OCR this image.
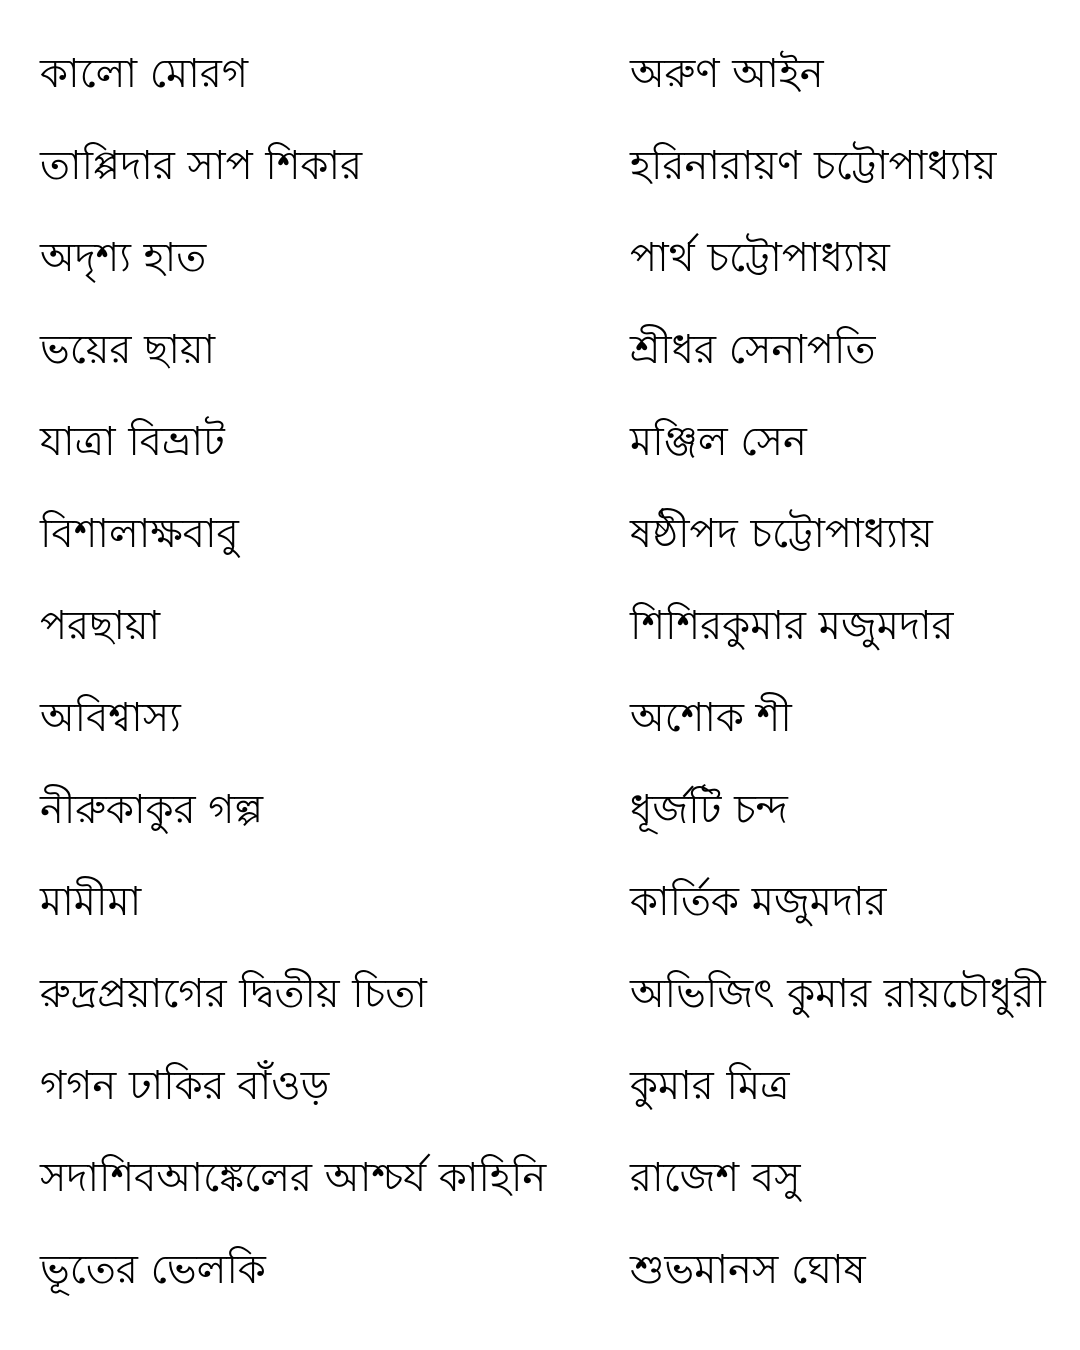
কালো মোরগ	অরুণ আইন
তাপ্পিদার সাপ শিকার	হরিনারায়ণ চট্টোপাধ্যায়
অদৃশ্য হাত	পার্থ চট্টোপাধ্যায়
ভয়ের ছায়া	শ্রীধর সেনাপতি
যাত্রা বিভ্রাট	মঞ্জিল সেন
বিশালাক্ষবাবু	ষষ্ঠীপদ চট্টোপাধ্যায়
পরছায়া	শিশিরকুমার মজুমদার
অবিশ্বাস্য	অশোক শী
নীরুকাকুর গল্প	ধূর্জটি চন্দ
মামীমা	কার্তিক মজুমদার
রুদ্রপ্রয়াগের দ্বিতীয় চিতা	অভিজিৎ কুমার রায়চৌধুরী
গগন ঢাকির বাঁওড়	কুমার মিত্র
সদাশিবআঙ্কেলের আশ্চর্য কাহিনি	রাজেশ বসু
ভূতের ভেলকি	শুভমানস ঘোষ
